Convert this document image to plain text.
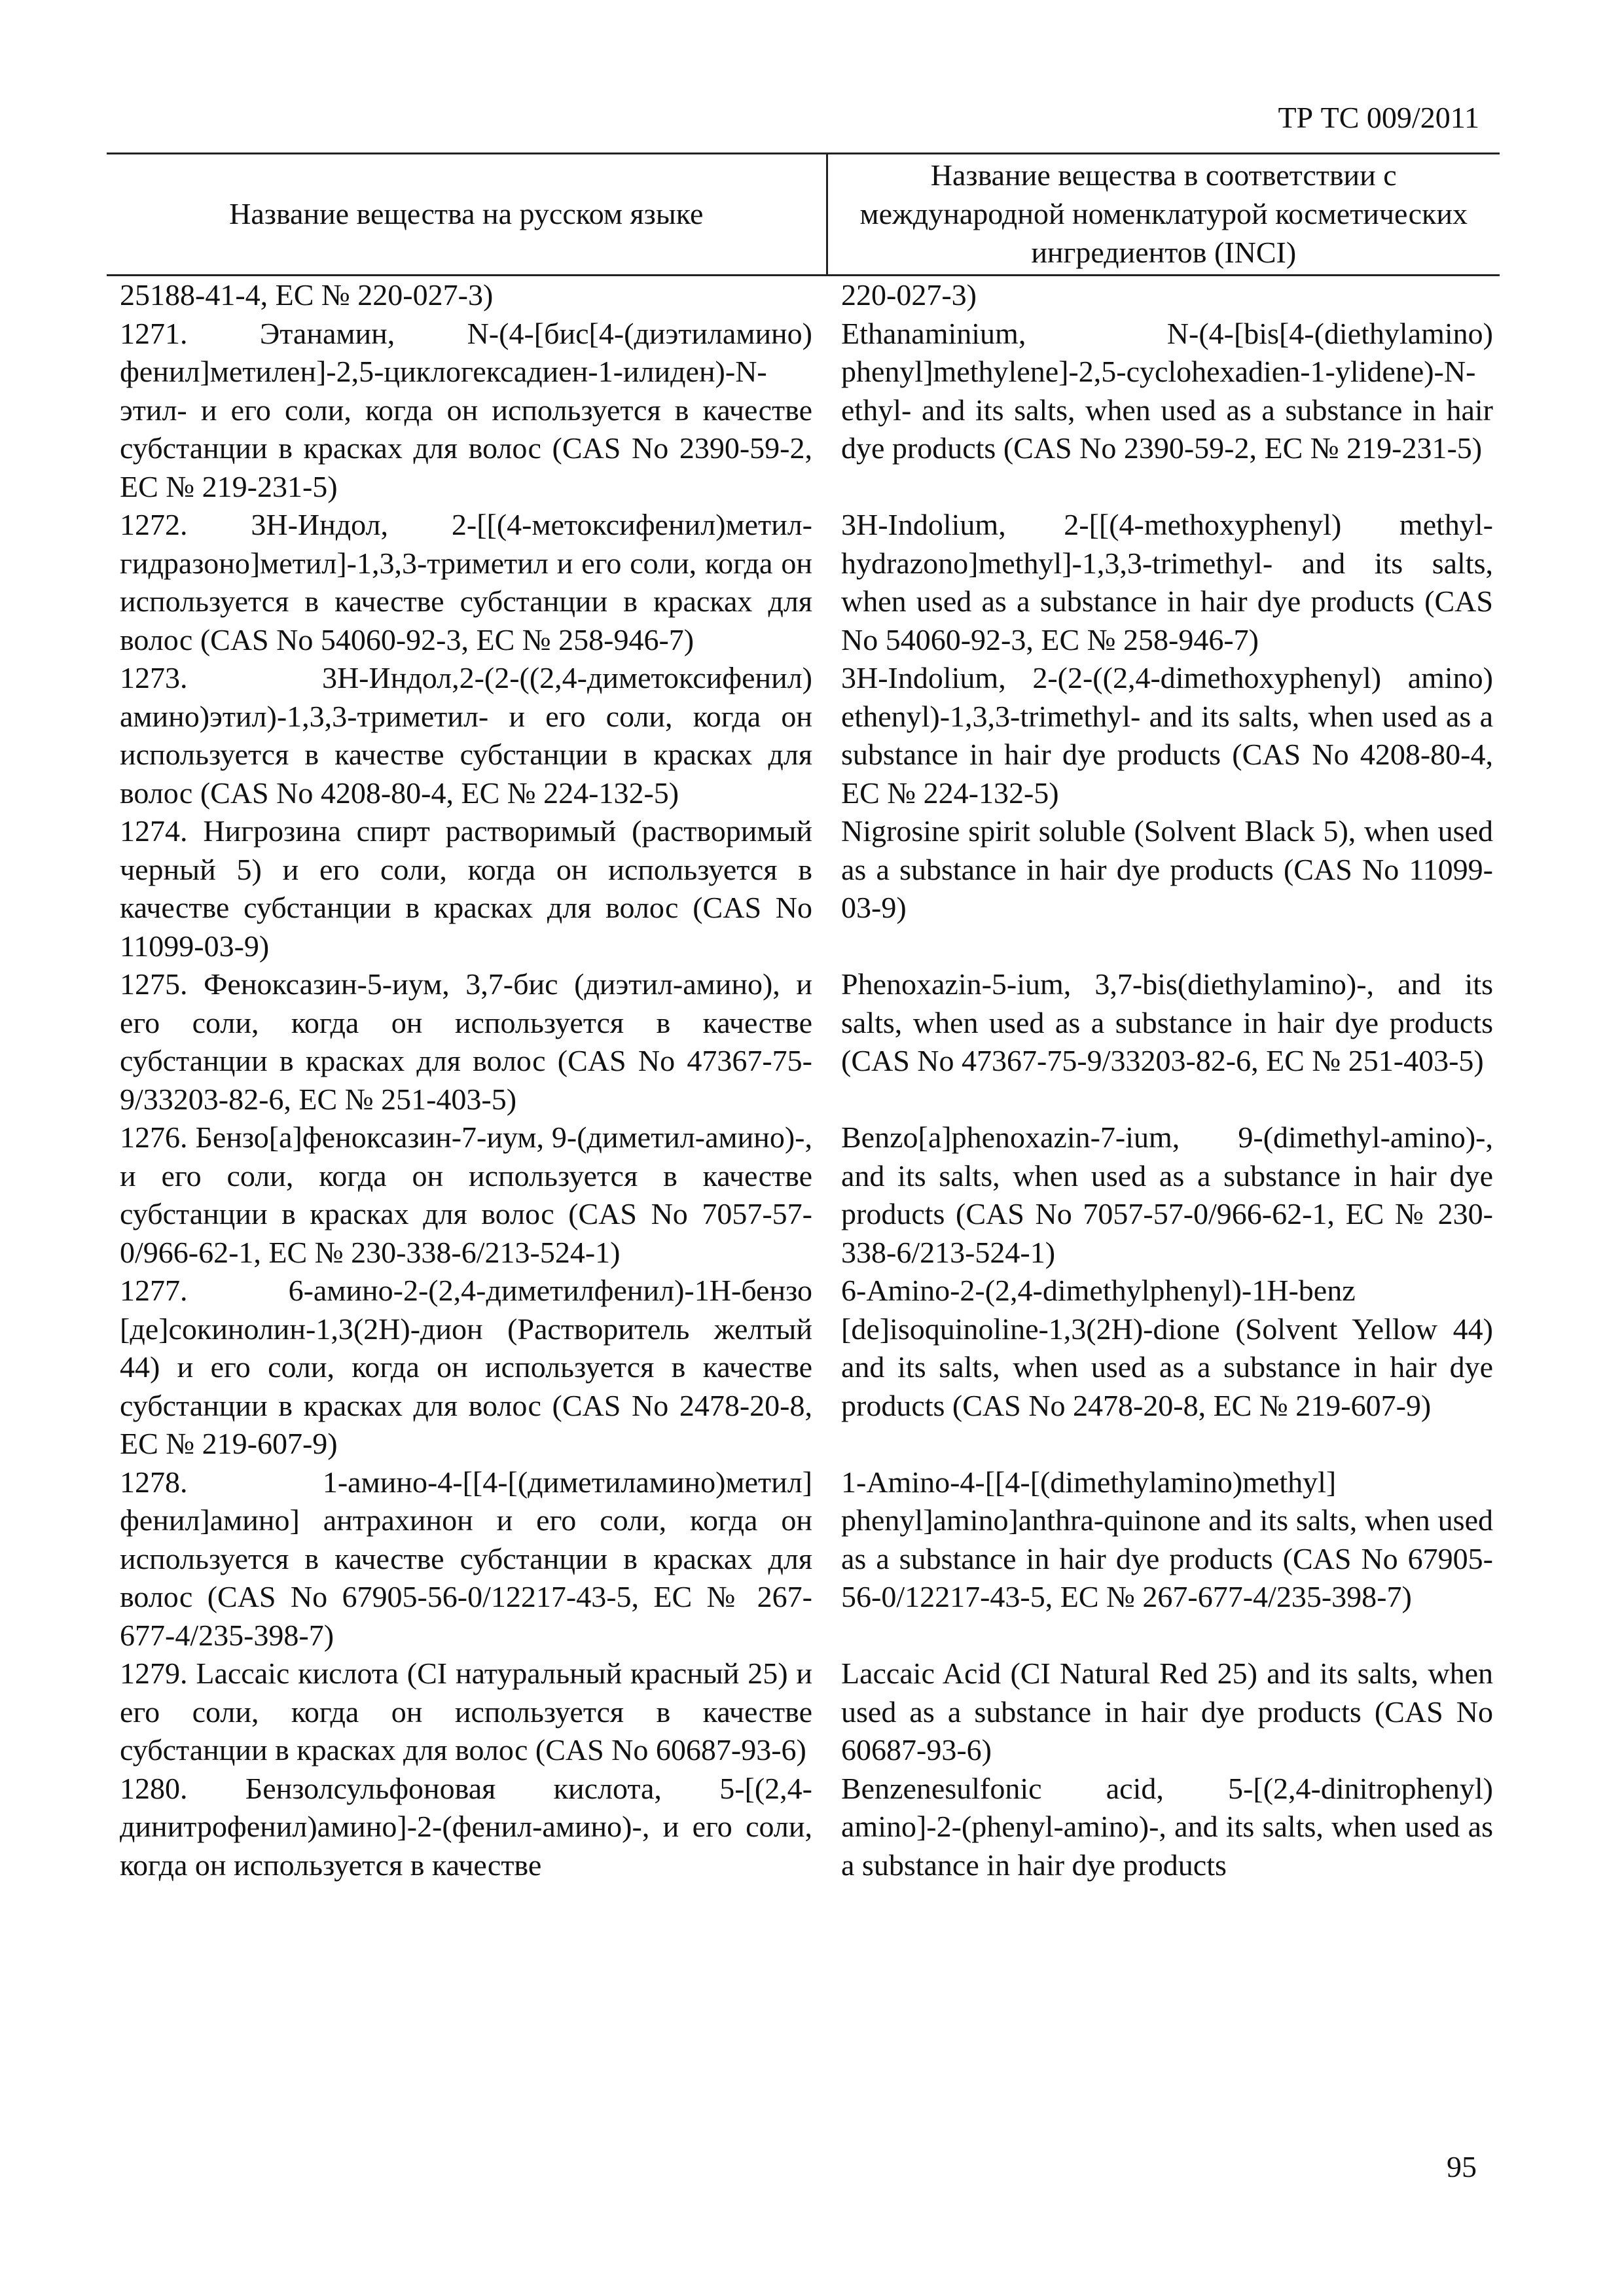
ТР ТС 009/2011
Название вещества на русском языке	Название вещества в соответствии с международной номенклатурой косметических ингредиентов (INCI)
25188-41-4, ЕС № 220-027-3)	220-027-3)
1271. Этанамин, N-(4-[бис[4-(диэтиламино) фенил]метилен]-2,5-циклогексадиен-1-илиден)-N-этил- и его соли, когда он используется в качестве субстанции в красках для волос (CAS No 2390-59-2, ЕС № 219-231-5)	Ethanaminium, N-(4-[bis[4-(diethylamino) phenyl]methylene]-2,5-cyclohexadien-1-ylidene)-N-ethyl- and its salts, when used as a substance in hair dye products (CAS No 2390-59-2, EC № 219-231-5)
1272. 3Н-Индол, 2-[[(4-метоксифенил)метил-гидразоно]метил]-1,3,3-триметил и его соли, когда он используется в качестве субстанции в красках для волос (CAS No 54060-92-3, ЕС № 258-946-7)	3H-Indolium, 2-[[(4-methoxyphenyl) methyl-hydrazono]methyl]-1,3,3-trimethyl- and its salts, when used as a substance in hair dye products (CAS No 54060-92-3, EC № 258-946-7)
1273. 3Н-Индол,2-(2-((2,4-диметоксифенил) амино)этил)-1,3,3-триметил- и его соли, когда он используется в качестве субстанции в красках для волос (CAS No 4208-80-4, ЕС № 224-132-5)	3H-Indolium, 2-(2-((2,4-dimethoxyphenyl) amino) ethenyl)-1,3,3-trimethyl- and its salts, when used as a substance in hair dye products (CAS No 4208-80-4, EC № 224-132-5)
1274. Нигрозина спирт растворимый (растворимый черный 5) и его соли, когда он используется в качестве субстанции в красках для волос (CAS No 11099-03-9)	Nigrosine spirit soluble (Solvent Black 5), when used as a substance in hair dye products (CAS No 11099-03-9)
1275. Феноксазин-5-иум, 3,7-бис (диэтил-амино), и его соли, когда он используется в качестве субстанции в красках для волос (CAS No 47367-75-9/33203-82-6, ЕС № 251-403-5)	Phenoxazin-5-ium, 3,7-bis(diethylamino)-, and its salts, when used as a substance in hair dye products (CAS No 47367-75-9/33203-82-6, EC № 251-403-5)
1276. Бензо[а]феноксазин-7-иум, 9-(диметил-амино)-, и его соли, когда он используется в качестве субстанции в красках для волос (CAS No 7057-57-0/966-62-1, ЕС № 230-338-6/213-524-1)	Benzo[a]phenoxazin-7-ium, 9-(dimethyl-amino)-, and its salts, when used as a substance in hair dye products (CAS No 7057-57-0/966-62-1, EC № 230-338-6/213-524-1)
1277. 6-амино-2-(2,4-диметилфенил)-1Н-бензо [де]сокинолин-1,3(2Н)-дион (Растворитель желтый 44) и его соли, когда он используется в качестве субстанции в красках для волос (CAS No 2478-20-8, ЕС № 219-607-9)	6-Amino-2-(2,4-dimethylphenyl)-1H-benz [de]isoquinoline-1,3(2H)-dione (Solvent Yellow 44) and its salts, when used as a substance in hair dye products (CAS No 2478-20-8, EC № 219-607-9)
1278. 1-амино-4-[[4-[(диметиламино)метил] фенил]амино] антрахинон и его соли, когда он используется в качестве субстанции в красках для волос (CAS No 67905-56-0/12217-43-5, ЕС № 267-677-4/235-398-7)	1-Amino-4-[[4-[(dimethylamino)methyl] phenyl]amino]anthra-quinone and its salts, when used as a substance in hair dye products (CAS No 67905-56-0/12217-43-5, EC № 267-677-4/235-398-7)
1279. Laccaic кислота (CI натуральный красный 25) и его соли, когда он используется в качестве субстанции в красках для волос (CAS No 60687-93-6)	Laccaic Acid (CI Natural Red 25) and its salts, when used as a substance in hair dye products (CAS No 60687-93-6)
1280. Бензолсульфоновая кислота, 5-[(2,4-динитрофенил)амино]-2-(фенил-амино)-, и его соли, когда он используется в качестве	Benzenesulfonic acid, 5-[(2,4-dinitrophenyl) amino]-2-(phenyl-amino)-, and its salts, when used as a substance in hair dye products
95
